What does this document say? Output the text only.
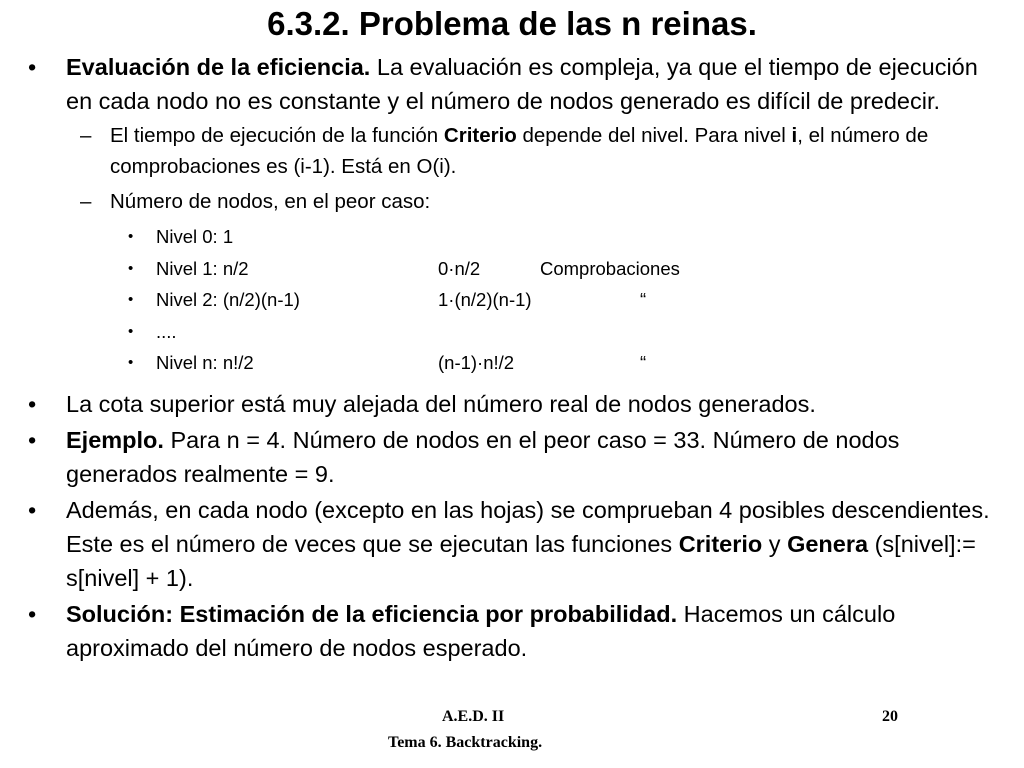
6.3.2. Problema de las n reinas.
• Evaluación de la eficiencia. La evaluación es compleja, ya que el tiempo de ejecución en cada nodo no es constante y el número de nodos generado es difícil de predecir.
– El tiempo de ejecución de la función Criterio depende del nivel. Para nivel i, el número de comprobaciones es (i-1). Está en O(i).
– Número de nodos, en el peor caso:
• Nivel 0: 1
• Nivel 1: n/2	0·n/2	Comprobaciones
• Nivel 2: (n/2)(n-1)	1·(n/2)(n-1)	“
• ....
• Nivel n: n!/2	(n-1)·n!/2	“
• La cota superior está muy alejada del número real de nodos generados.
• Ejemplo. Para n = 4. Número de nodos en el peor caso = 33. Número de nodos generados realmente = 9.
• Además, en cada nodo (excepto en las hojas) se comprueban 4 posibles descendientes. Este es el número de veces que se ejecutan las funciones Criterio y Genera (s[nivel]:= s[nivel] + 1).
• Solución: Estimación de la eficiencia por probabilidad. Hacemos un cálculo aproximado del número de nodos esperado.
A.E.D. II	20
Tema 6. Backtracking.
